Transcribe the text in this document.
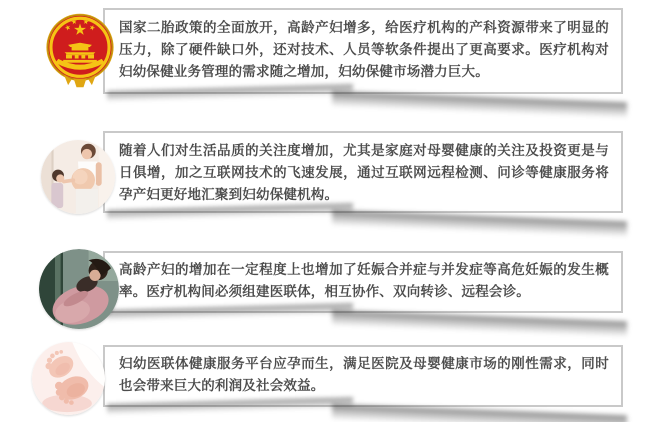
国家二胎政策的全面放开，高龄产妇增多，给医疗机构的产科资源带来了明显的压力，除了硬件缺口外，还对技术、人员等软条件提出了更高要求。医疗机构对妇幼保健业务管理的需求随之增加，妇幼保健市场潜力巨大。

随着人们对生活品质的关注度增加，尤其是家庭对母婴健康的关注及投资更是与日俱增，加之互联网技术的飞速发展，通过互联网远程检测、问诊等健康服务将孕产妇更好地汇聚到妇幼保健机构。

高龄产妇的增加在一定程度上也增加了妊娠合并症与并发症等高危妊娠的发生概率。医疗机构间必须组建医联体，相互协作、双向转诊、远程会诊。

妇幼医联体健康服务平台应孕而生，满足医院及母婴健康市场的刚性需求，同时也会带来巨大的利润及社会效益。
